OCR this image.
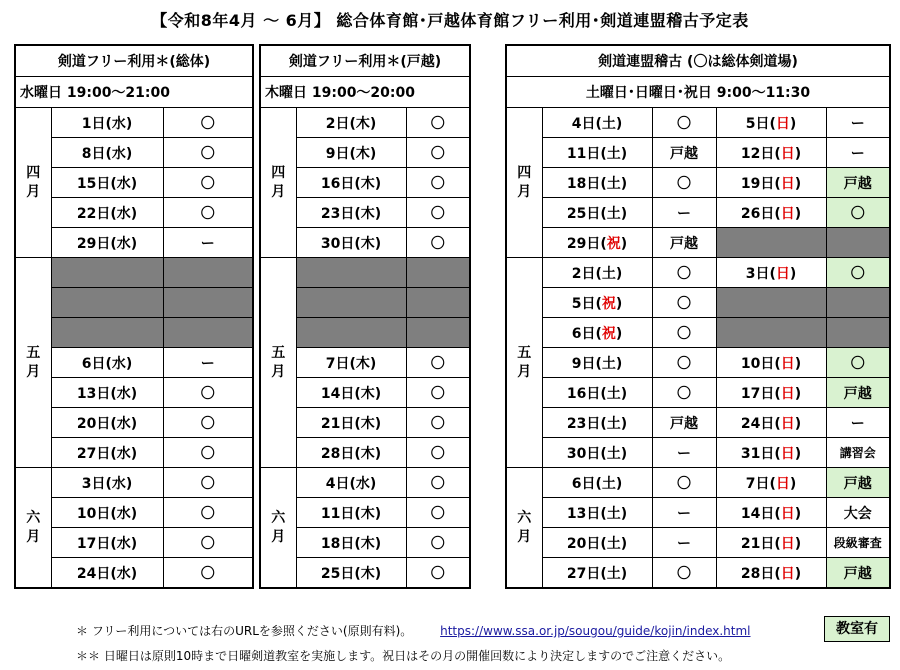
【令和8年4月 〜 6月】 総合体育館･戸越体育館フリー利用･剣道連盟稽古予定表
剣道フリー利用＊(総体)		
水曜日 19:00〜21:00		
四月	1日(水)	〇
	8日(水)	〇
	15日(水)	〇
	22日(水)	〇
	29日(水)	ー
五月		

	6日(水)	ー
	13日(水)	〇
	20日(水)	〇
	27日(水)	〇
六月	3日(水)	〇
	10日(水)	〇
	17日(水)	〇
	24日(水)	〇
剣道フリー利用＊(戸越)		
木曜日 19:00〜20:00		
四月	2日(木)	〇
	9日(木)	〇
	16日(木)	〇
	23日(木)	〇
	30日(木)	〇
五月		

	7日(木)	〇
	14日(木)	〇
	21日(木)	〇
	28日(木)	〇
六月	4日(水)	〇
	11日(木)	〇
	18日(木)	〇
	25日(木)	〇
剣道連盟稽古 (〇は総体剣道場)				
土曜日･日曜日･祝日 9:00〜11:30				
四月	4日(土)	〇	5日(日)	ー
	11日(土)	戸越	12日(日)	ー
	18日(土)	〇	19日(日)	戸越
	25日(土)	ー	26日(日)	〇
	29日(祝)	戸越		
五月	2日(土)	〇	3日(日)	〇
	5日(祝)	〇		
	6日(祝)	〇		
	9日(土)	〇	10日(日)	〇
	16日(土)	〇	17日(日)	戸越
	23日(土)	戸越	24日(日)	ー
	30日(土)	ー	31日(日)	講習会
六月	6日(土)	〇	7日(日)	戸越
	13日(土)	ー	14日(日)	大会
	20日(土)	ー	21日(日)	段級審査
	27日(土)	〇	28日(日)	戸越
＊ フリー利用については右のURLを参照ください(原則有料)。 https://www.ssa.or.jp/sougou/guide/kojin/index.html	教室有
＊＊ 日曜日は原則10時まで日曜剣道教室を実施します。祝日はその月の開催回数により決定しますのでご注意ください。
